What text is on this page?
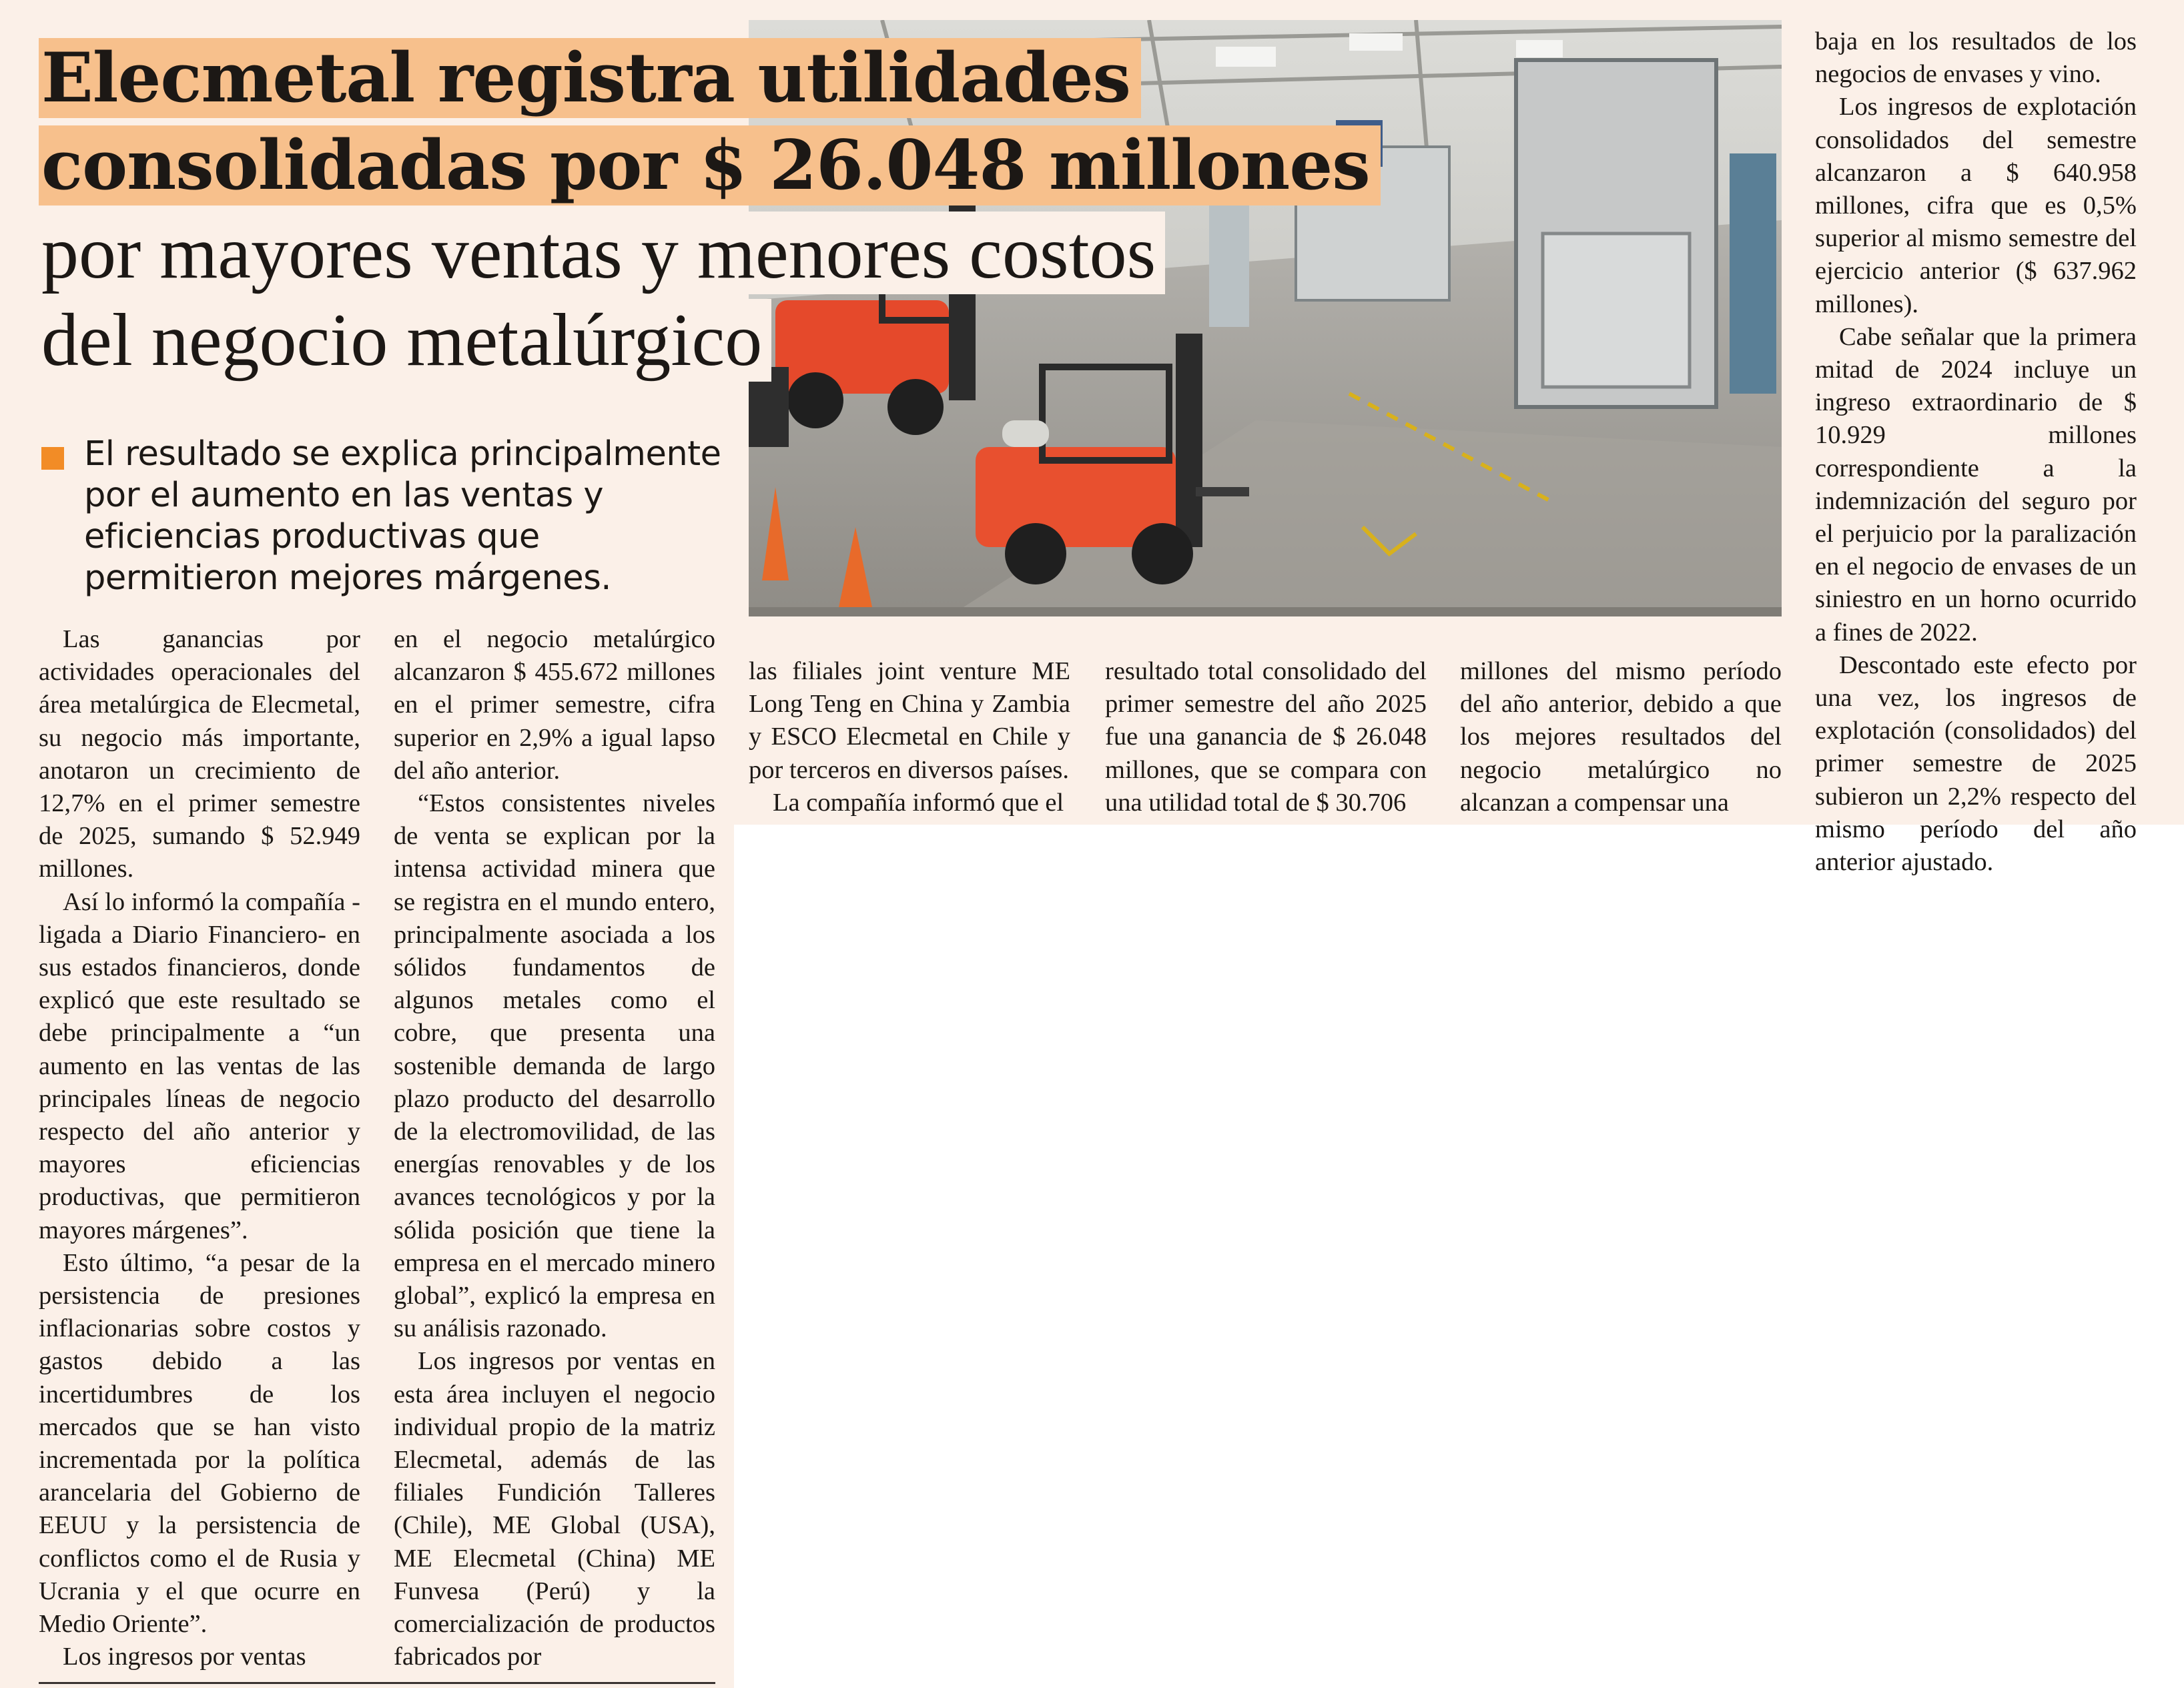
Elecmetal registra utilidades
consolidadas por $ 26.048 millones
por mayores ventas y menores costos
del negocio metalúrgico

El resultado se explica principalmente por el aumento en las ventas y eficiencias productivas que permitieron mejores márgenes.

Las ganancias por actividades operacionales del área metalúrgica de Elecmetal, su negocio más importante, anotaron un crecimiento de 12,7% en el primer semestre de 2025, sumando $ 52.949 millones.

Así lo informó la compañía -ligada a Diario Financiero- en sus estados financieros, donde explicó que este resultado se debe principalmente a “un aumento en las ventas de las principales líneas de negocio respecto del año anterior y mayores eficiencias productivas, que permitieron mayores márgenes”.

Esto último, “a pesar de la persistencia de presiones inflacionarias sobre costos y gastos debido a las incertidumbres de los mercados que se han visto incrementada por la política arancelaria del Gobierno de EEUU y la persistencia de conflictos como el de Rusia y Ucrania y el que ocurre en Medio Oriente”.

Los ingresos por ventas

en el negocio metalúrgico alcanzaron $ 455.672 millones en el primer semestre, cifra superior en 2,9% a igual lapso del año anterior.

“Estos consistentes niveles de venta se explican por la intensa actividad minera que se registra en el mundo entero, principalmente asociada a los sólidos fundamentos de algunos metales como el cobre, que presenta una sostenible demanda de largo plazo producto del desarrollo de la electromovilidad, de las energías renovables y de los avances tecnológicos y por la sólida posición que tiene la empresa en el mercado minero global”, explicó la empresa en su análisis razonado.

Los ingresos por ventas en esta área incluyen el negocio individual propio de la matriz Elecmetal, además de las filiales Fundición Talleres (Chile), ME Global (USA), ME Elecmetal (China) ME Funvesa (Perú) y la comercialización de productos fabricados por

las filiales joint venture ME Long Teng en China y Zambia y ESCO Elecmetal en Chile y por terceros en diversos países.

La compañía informó que el

resultado total consolidado del primer semestre del año 2025 fue una ganancia de $ 26.048 millones, que se compara con una utilidad total de $ 30.706

millones del mismo período del año anterior, debido a que los mejores resultados del negocio metalúrgico no alcanzan a compensar una

baja en los resultados de los negocios de envases y vino.

Los ingresos de explotación consolidados del semestre alcanzaron a $ 640.958 millones, cifra que es 0,5% superior al mismo semestre del ejercicio anterior ($ 637.962 millones).

Cabe señalar que la primera mitad de 2024 incluye un ingreso extraordinario de $ 10.929 millones correspondiente a la indemnización del seguro por el perjuicio por la paralización en el negocio de envases de un siniestro en un horno ocurrido a fines de 2022.

Descontado este efecto por una vez, los ingresos de explotación (consolidados) del primer semestre de 2025 subieron un 2,2% respecto del mismo período del año anterior ajustado.
